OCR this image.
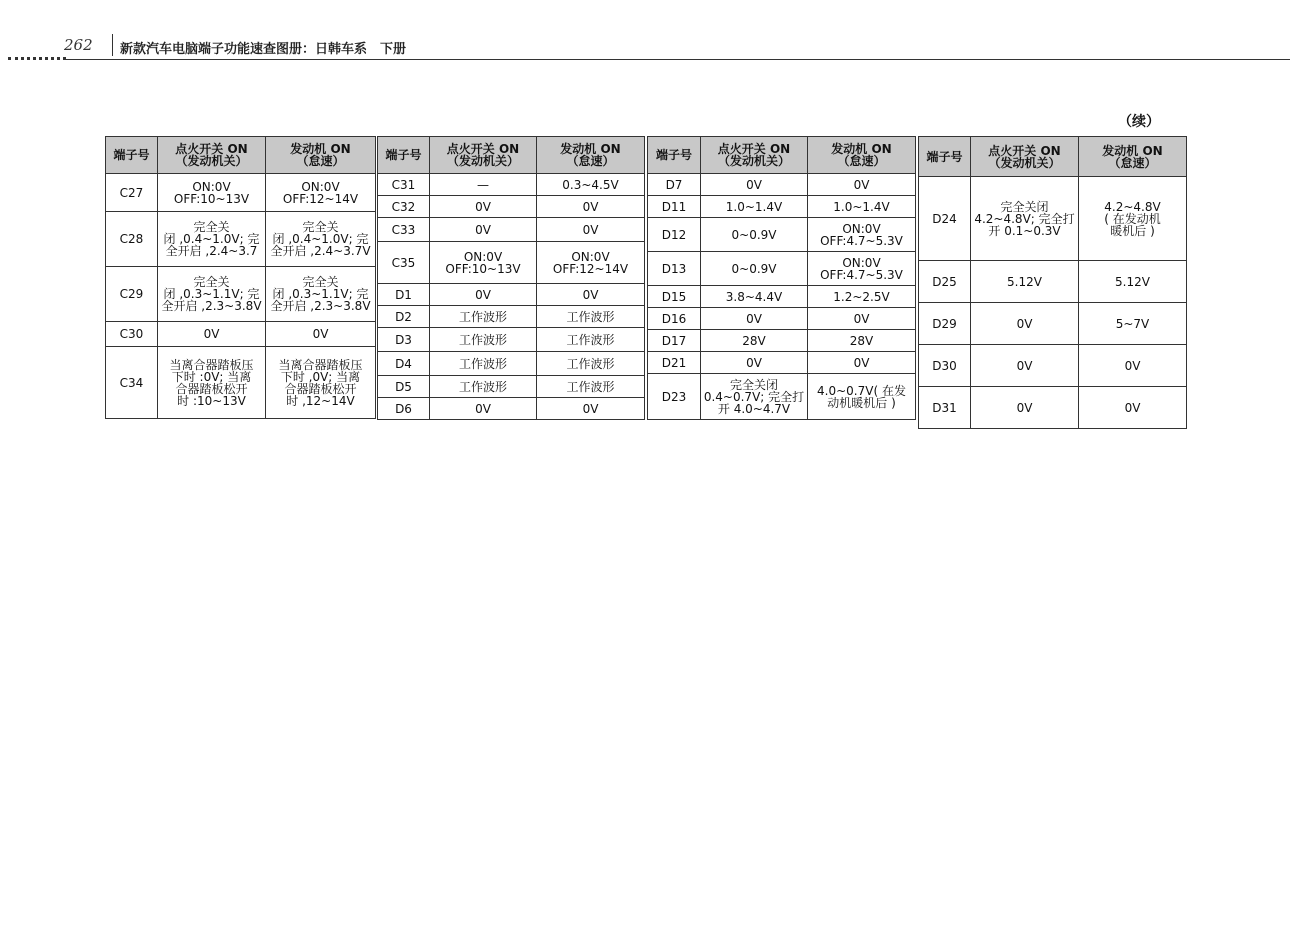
262 新款汽车电脑端子功能速查图册：日韩车系　下册
（续）
端子号	点火开关 ON
（发动机关）	发动机 ON
（怠速）
C27	ON:0V
OFF:10~13V	ON:0V
OFF:12~14V
C28	完全关
闭 ,0.4~1.0V; 完
全开启 ,2.4~3.7	完全关
闭 ,0.4~1.0V; 完
全开启 ,2.4~3.7V
C29	完全关
闭 ,0.3~1.1V; 完
全开启 ,2.3~3.8V	完全关
闭 ,0.3~1.1V; 完
全开启 ,2.3~3.8V
C30	0V	0V
C34	当离合器踏板压
下时 :0V; 当离
合器踏板松开
时 :10~13V	当离合器踏板压
下时 ,0V; 当离
合器踏板松开
时 ,12~14V
端子号	点火开关 ON
（发动机关）	发动机 ON
（怠速）
C31	—	0.3~4.5V
C32	0V	0V
C33	0V	0V
C35	ON:0V
OFF:10~13V	ON:0V
OFF:12~14V
D1	0V	0V
D2	工作波形	工作波形
D3	工作波形	工作波形
D4	工作波形	工作波形
D5	工作波形	工作波形
D6	0V	0V
端子号	点火开关 ON
（发动机关）	发动机 ON
（怠速）
D7	0V	0V
D11	1.0~1.4V	1.0~1.4V
D12	0~0.9V	ON:0V
OFF:4.7~5.3V
D13	0~0.9V	ON:0V
OFF:4.7~5.3V
D15	3.8~4.4V	1.2~2.5V
D16	0V	0V
D17	28V	28V
D21	0V	0V
D23	完全关闭
0.4~0.7V; 完全打
开 4.0~4.7V	4.0~0.7V( 在发
动机暖机后 )
端子号	点火开关 ON
（发动机关）	发动机 ON
（怠速）
D24	完全关闭
4.2~4.8V; 完全打
开 0.1~0.3V	4.2~4.8V
( 在发动机
暖机后 )
D25	5.12V	5.12V
D29	0V	5~7V
D30	0V	0V
D31	0V	0V
